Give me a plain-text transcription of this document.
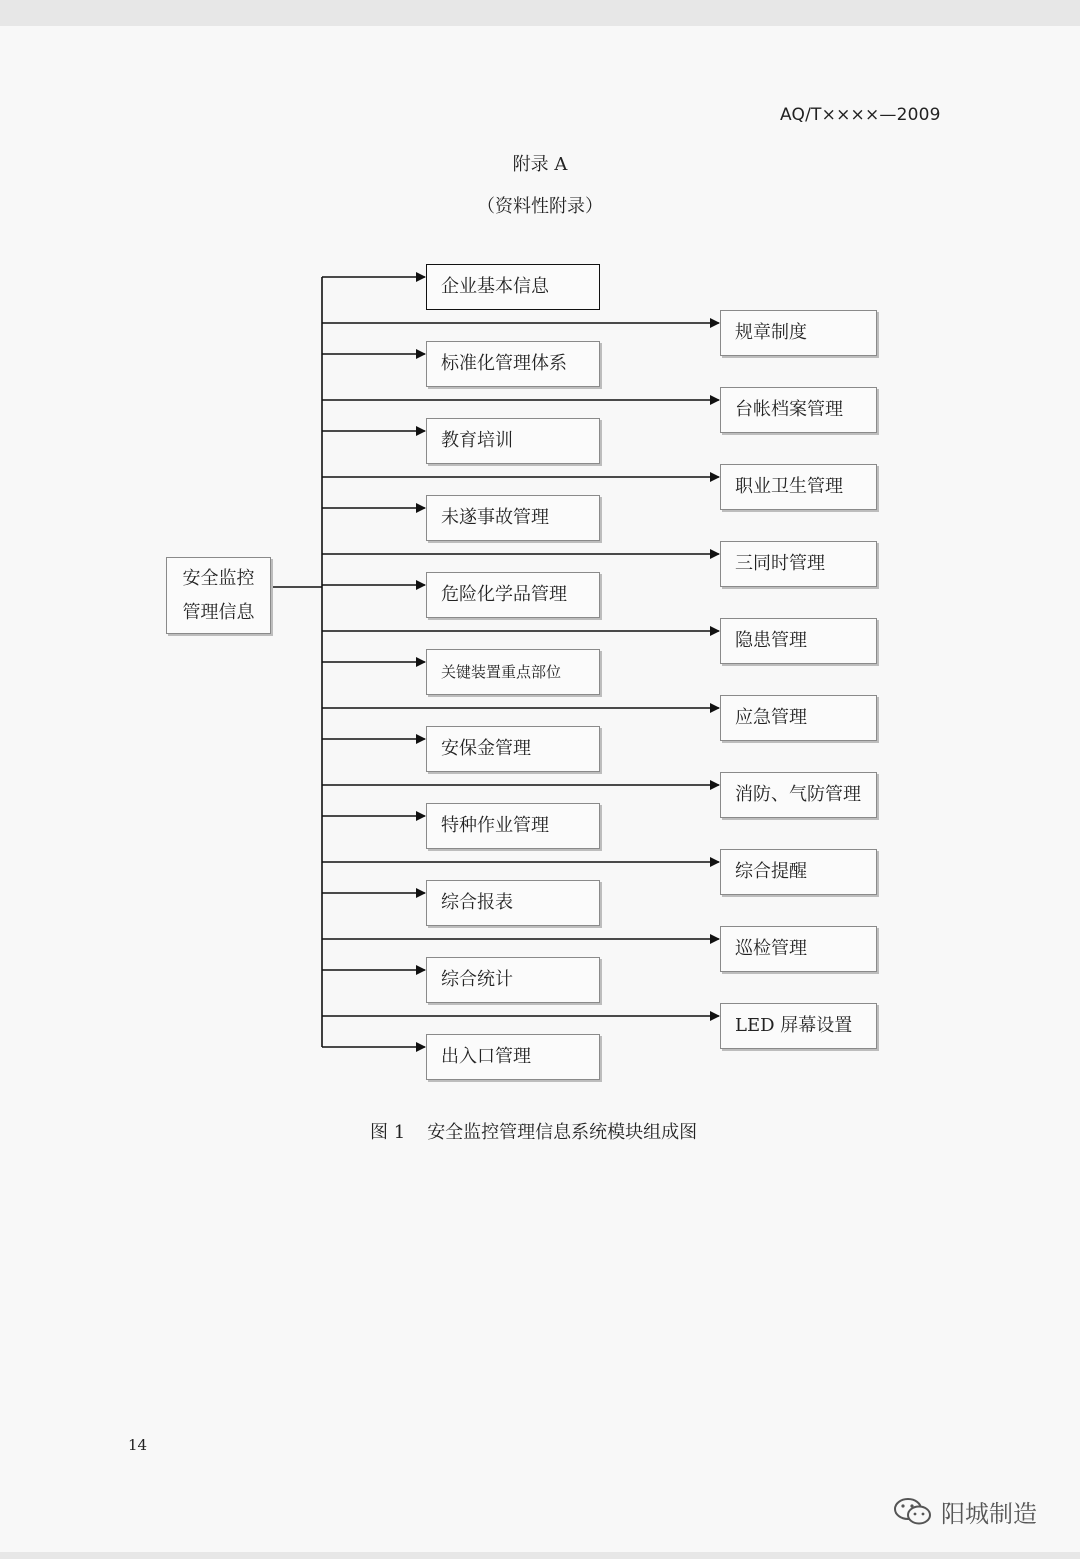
AQ/T××××—2009
附录 A
（资料性附录）
安全监控
管理信息
企业基本信息
标准化管理体系
教育培训
未遂事故管理
危险化学品管理
关键装置重点部位
安保金管理
特种作业管理
综合报表
综合统计
出入口管理
规章制度
台帐档案管理
职业卫生管理
三同时管理
隐患管理
应急管理
消防、气防管理
综合提醒
巡检管理
LED 屏幕设置
图 1 安全监控管理信息系统模块组成图
14
阳城制造
